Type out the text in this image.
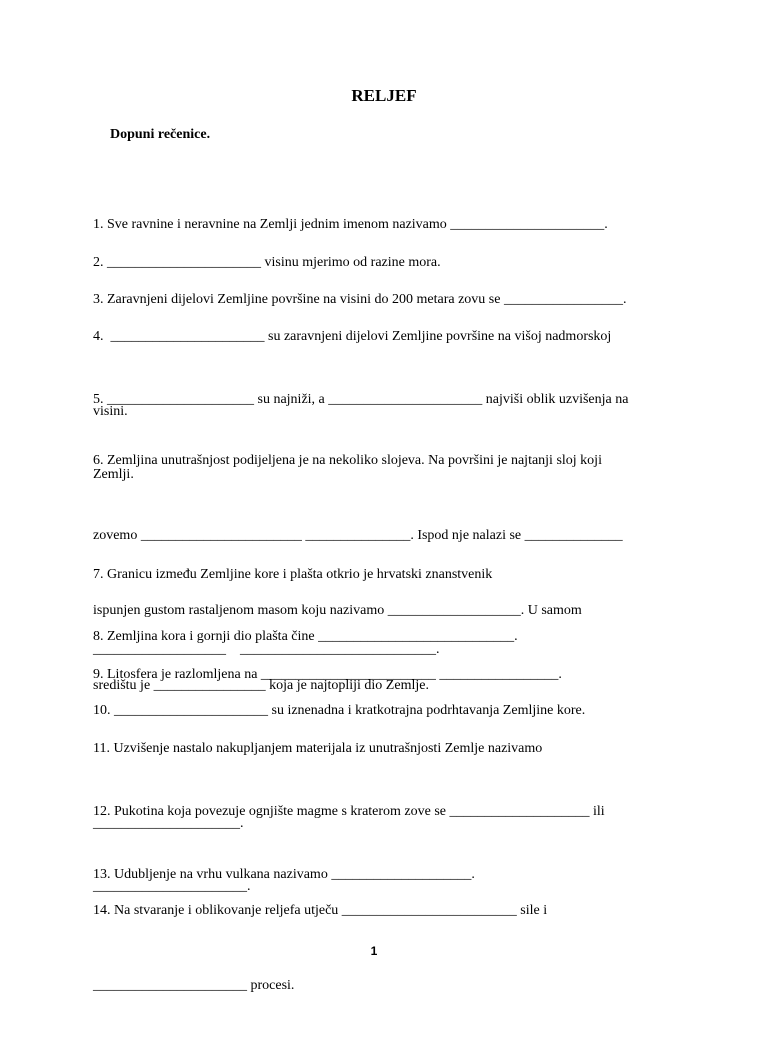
RELJEF
Dopuni rečenice.

1. Sve ravnine i neravnine na Zemlji jednim imenom nazivamo ______________________.

2. ______________________ visinu mjerimo od razine mora.

3. Zaravnjeni dijelovi Zemljine površine na visini do 200 metara zovu se _________________.

4.  ______________________ su zaravnjeni dijelovi Zemljine površine na višoj nadmorskoj

visini.

5. _____________________ su najniži, a ______________________ najviši oblik uzvišenja na

Zemlji.

6. Zemljina unutrašnjost podijeljena je na nekoliko slojeva. Na površini je najtanji sloj koji

zovemo _______________________ _______________. Ispod nje nalazi se ______________

ispunjen gustom rastaljenom masom koju nazivamo ___________________. U samom

središtu je ________________ koja je najtopliji dio Zemlje.

7. Granicu između Zemljine kore i plašta otkrio je hrvatski znanstvenik

___________________    ____________________________.

8. Zemljina kora i gornji dio plašta čine ____________________________.

9. Litosfera je razlomljena na _________________________ _________________.

10. ______________________ su iznenadna i kratkotrajna podrhtavanja Zemljine kore.

11. Uzvišenje nastalo nakupljanjem materijala iz unutrašnjosti Zemlje nazivamo

_____________________.

12. Pukotina koja povezuje ognjište magme s kraterom zove se ____________________ ili

______________________.

13. Udubljenje na vrhu vulkana nazivamo ____________________.

14. Na stvaranje i oblikovanje reljefa utječu _________________________ sile i

______________________ procesi.

1
